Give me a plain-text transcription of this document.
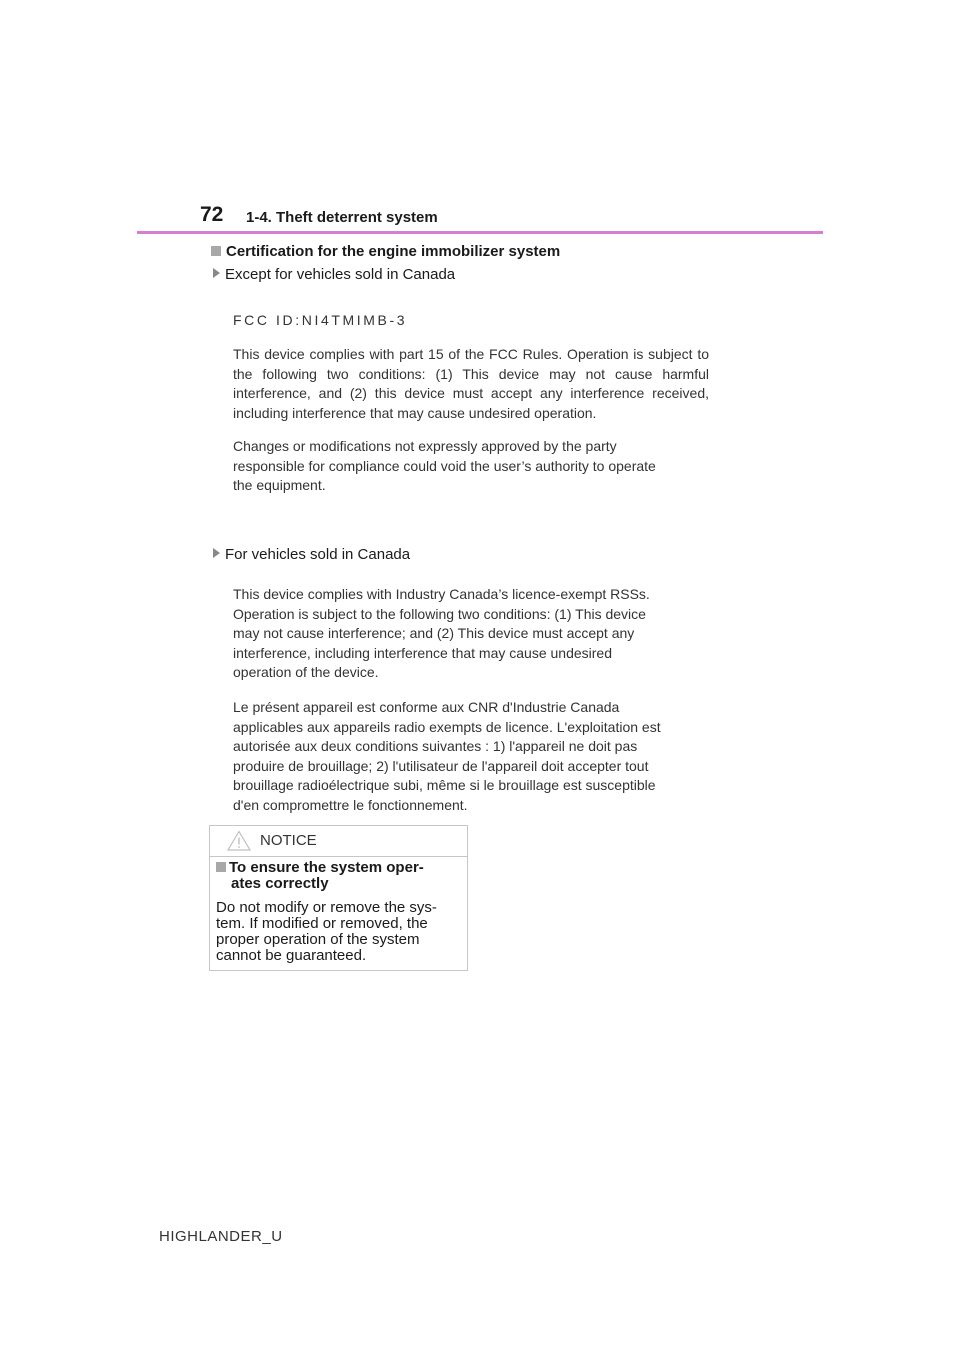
72 1-4. Theft deterrent system
Certification for the engine immobilizer system
Except for vehicles sold in Canada
FCC ID:NI4TMIMB-3
This device complies with part 15 of the FCC Rules. Operation is subject to the following two conditions: (1) This device may not cause harmful interference, and (2) this device must accept any interference received, including interference that may cause undesired operation.
Changes or modifications not expressly approved by the party
responsible for compliance could void the user’s authority to operate
the equipment.
For vehicles sold in Canada
This device complies with Industry Canada’s licence-exempt RSSs.
Operation is subject to the following two conditions: (1) This device
may not cause interference; and (2) This device must accept any
interference, including interference that may cause undesired
operation of the device.
Le présent appareil est conforme aux CNR d'Industrie Canada
applicables aux appareils radio exempts de licence. L'exploitation est
autorisée aux deux conditions suivantes : 1) l'appareil ne doit pas
produire de brouillage; 2) l'utilisateur de l'appareil doit accepter tout
brouillage radioélectrique subi, même si le brouillage est susceptible
d'en compromettre le fonctionnement.
NOTICE
To ensure the system oper-
ates correctly
Do not modify or remove the sys-
tem. If modified or removed, the
proper operation of the system
cannot be guaranteed.
HIGHLANDER_U
